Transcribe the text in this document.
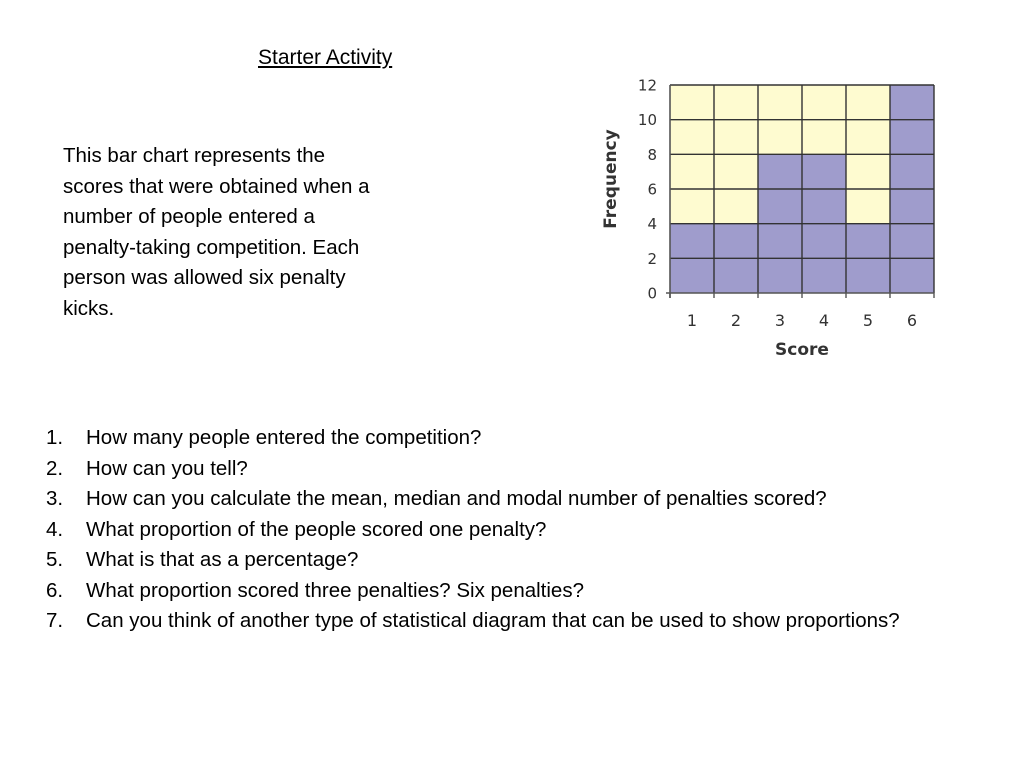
Starter Activity
This bar chart represents the scores that were obtained when a number of people entered a penalty-taking competition. Each person was allowed six penalty kicks.
0
2
4
6
8
10
12
1 2 3 4 5 6
Score
Frequency
1. How many people entered the competition?
2. How can you tell?
3. How can you calculate the mean, median and modal number of penalties scored?
4. What proportion of the people scored one penalty?
5. What is that as a percentage?
6. What proportion scored three penalties? Six penalties?
7. Can you think of another type of statistical diagram that can be used to show proportions?
